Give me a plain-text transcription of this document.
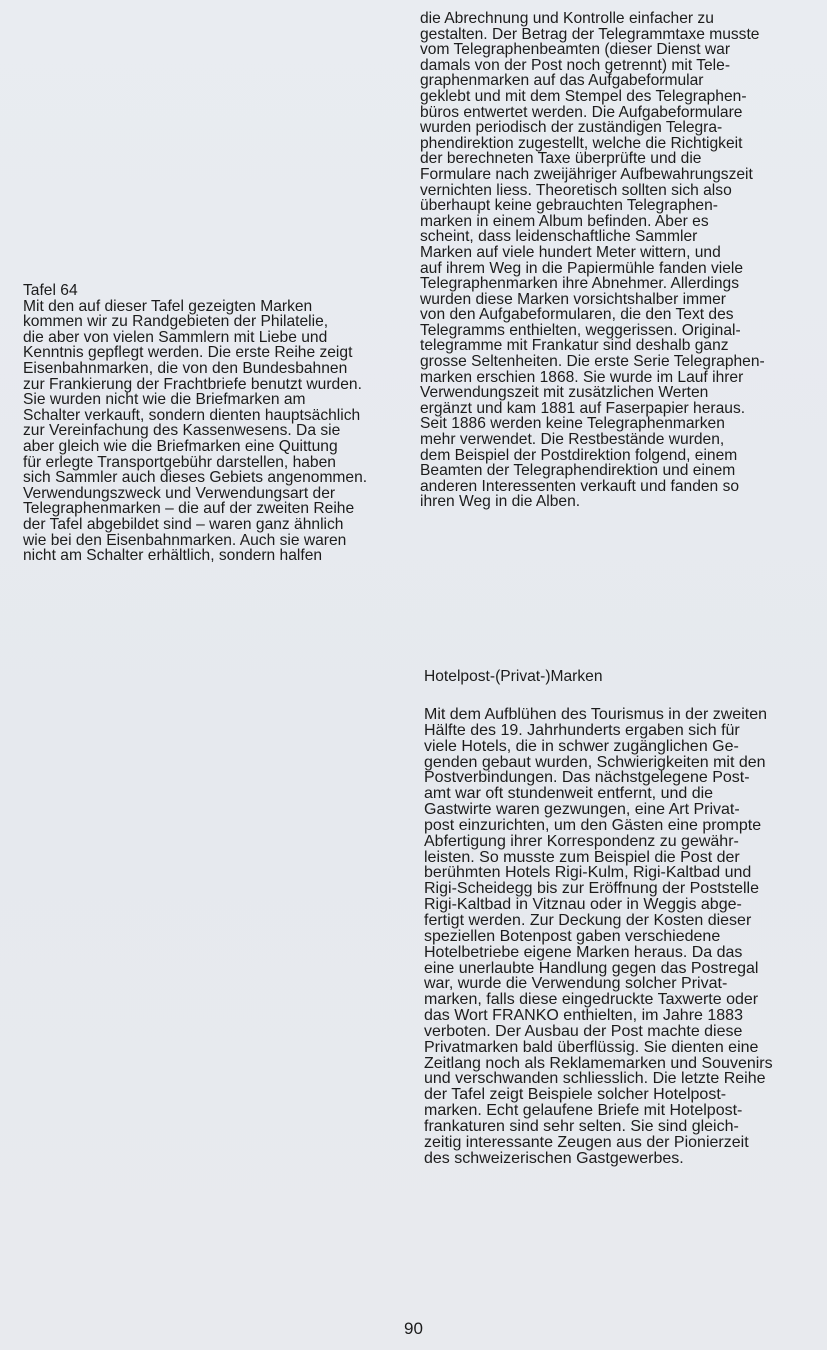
Tafel 64
Mit den auf dieser Tafel gezeigten Marken
kommen wir zu Randgebieten der Philatelie,
die aber von vielen Sammlern mit Liebe und
Kenntnis gepflegt werden. Die erste Reihe zeigt
Eisenbahnmarken, die von den Bundesbahnen
zur Frankierung der Frachtbriefe benutzt wurden.
Sie wurden nicht wie die Briefmarken am
Schalter verkauft, sondern dienten hauptsächlich
zur Vereinfachung des Kassenwesens. Da sie
aber gleich wie die Briefmarken eine Quittung
für erlegte Transportgebühr darstellen, haben
sich Sammler auch dieses Gebiets angenommen.
Verwendungszweck und Verwendungsart der
Telegraphenmarken – die auf der zweiten Reihe
der Tafel abgebildet sind – waren ganz ähnlich
wie bei den Eisenbahnmarken. Auch sie waren
nicht am Schalter erhältlich, sondern halfen
die Abrechnung und Kontrolle einfacher zu
gestalten. Der Betrag der Telegrammtaxe musste
vom Telegraphenbeamten (dieser Dienst war
damals von der Post noch getrennt) mit Tele-
graphenmarken auf das Aufgabeformular
geklebt und mit dem Stempel des Telegraphen-
büros entwertet werden. Die Aufgabeformulare
wurden periodisch der zuständigen Telegra-
phendirektion zugestellt, welche die Richtigkeit
der berechneten Taxe überprüfte und die
Formulare nach zweijähriger Aufbewahrungszeit
vernichten liess. Theoretisch sollten sich also
überhaupt keine gebrauchten Telegraphen-
marken in einem Album befinden. Aber es
scheint, dass leidenschaftliche Sammler
Marken auf viele hundert Meter wittern, und
auf ihrem Weg in die Papiermühle fanden viele
Telegraphenmarken ihre Abnehmer. Allerdings
wurden diese Marken vorsichtshalber immer
von den Aufgabeformularen, die den Text des
Telegramms enthielten, weggerissen. Original-
telegramme mit Frankatur sind deshalb ganz
grosse Seltenheiten. Die erste Serie Telegraphen-
marken erschien 1868. Sie wurde im Lauf ihrer
Verwendungszeit mit zusätzlichen Werten
ergänzt und kam 1881 auf Faserpapier heraus.
Seit 1886 werden keine Telegraphenmarken
mehr verwendet. Die Restbestände wurden,
dem Beispiel der Postdirektion folgend, einem
Beamten der Telegraphendirektion und einem
anderen Interessenten verkauft und fanden so
ihren Weg in die Alben.
Hotelpost-(Privat-)Marken
Mit dem Aufblühen des Tourismus in der zweiten
Hälfte des 19. Jahrhunderts ergaben sich für
viele Hotels, die in schwer zugänglichen Ge-
genden gebaut wurden, Schwierigkeiten mit den
Postverbindungen. Das nächstgelegene Post-
amt war oft stundenweit entfernt, und die
Gastwirte waren gezwungen, eine Art Privat-
post einzurichten, um den Gästen eine prompte
Abfertigung ihrer Korrespondenz zu gewähr-
leisten. So musste zum Beispiel die Post der
berühmten Hotels Rigi-Kulm, Rigi-Kaltbad und
Rigi-Scheidegg bis zur Eröffnung der Poststelle
Rigi-Kaltbad in Vitznau oder in Weggis abge-
fertigt werden. Zur Deckung der Kosten dieser
speziellen Botenpost gaben verschiedene
Hotelbetriebe eigene Marken heraus. Da das
eine unerlaubte Handlung gegen das Postregal
war, wurde die Verwendung solcher Privat-
marken, falls diese eingedruckte Taxwerte oder
das Wort FRANKO enthielten, im Jahre 1883
verboten. Der Ausbau der Post machte diese
Privatmarken bald überflüssig. Sie dienten eine
Zeitlang noch als Reklamemarken und Souvenirs
und verschwanden schliesslich. Die letzte Reihe
der Tafel zeigt Beispiele solcher Hotelpost-
marken. Echt gelaufene Briefe mit Hotelpost-
frankaturen sind sehr selten. Sie sind gleich-
zeitig interessante Zeugen aus der Pionierzeit
des schweizerischen Gastgewerbes.
90
